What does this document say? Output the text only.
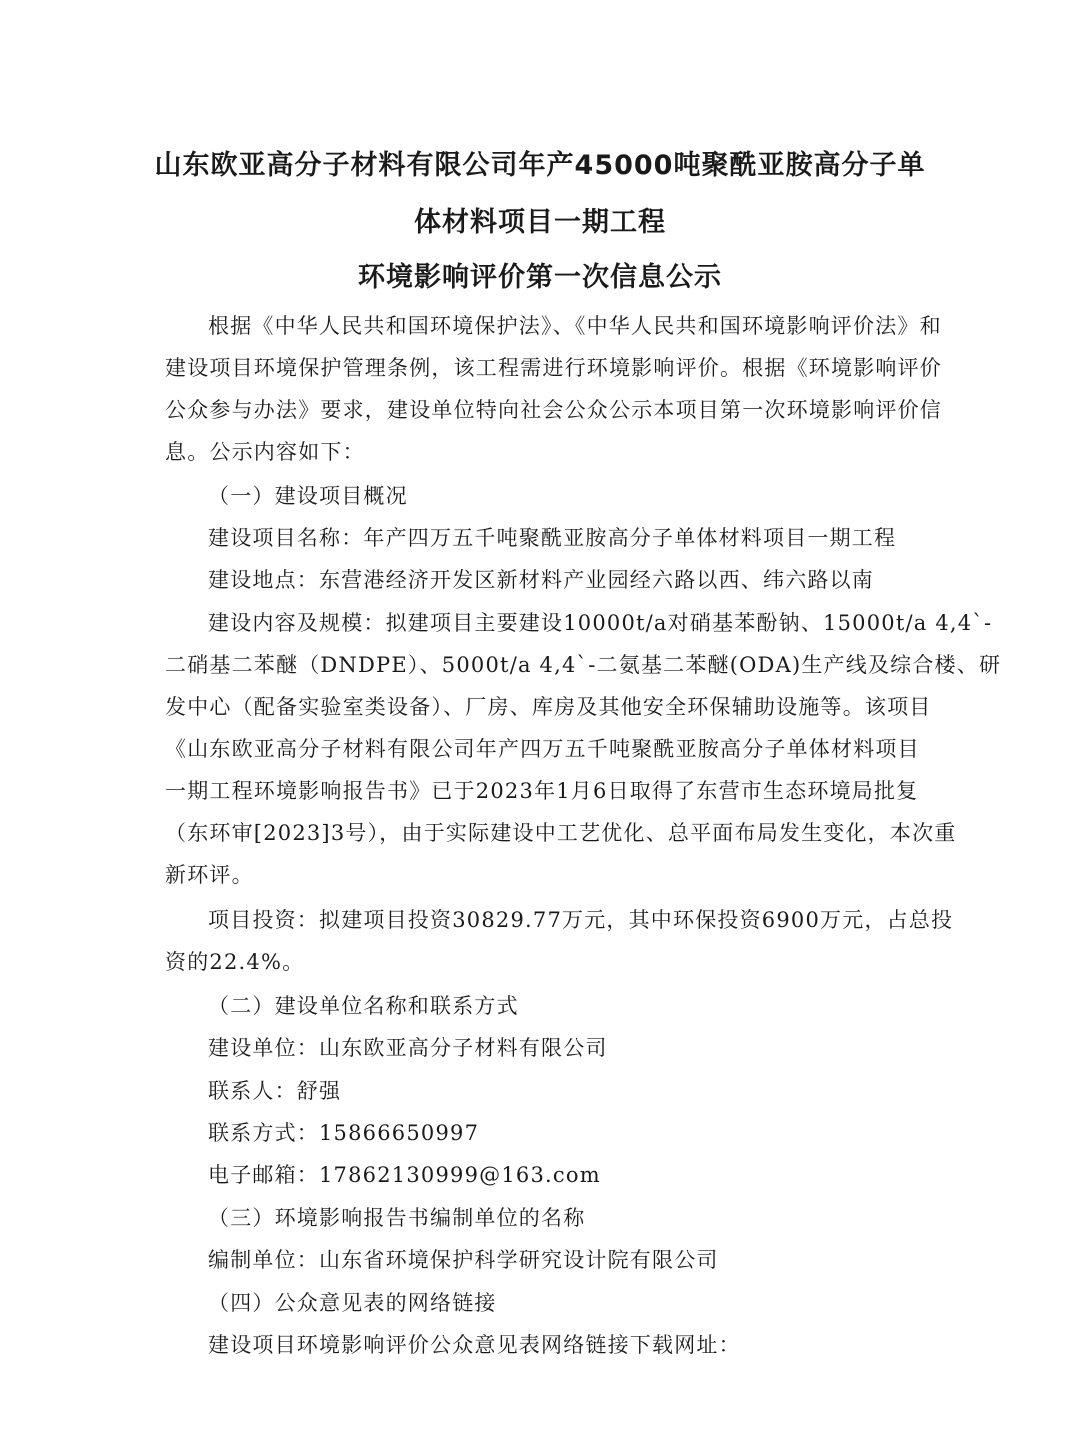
山东欧亚高分子材料有限公司年产45000吨聚酰亚胺高分子单
体材料项目一期工程
环境影响评价第一次信息公示
根据《中华人民共和国环境保护法》、《中华人民共和国环境影响评价法》和
建设项目环境保护管理条例，该工程需进行环境影响评价。根据《环境影响评价
公众参与办法》要求，建设单位特向社会公众公示本项目第一次环境影响评价信
息。公示内容如下：
（一）建设项目概况
建设项目名称：年产四万五千吨聚酰亚胺高分子单体材料项目一期工程
建设地点：东营港经济开发区新材料产业园经六路以西、纬六路以南
建设内容及规模：拟建项目主要建设10000t/a对硝基苯酚钠、15000t/a 4,4`-
二硝基二苯醚（DNDPE）、5000t/a 4,4`-二氨基二苯醚(ODA)生产线及综合楼、研
发中心（配备实验室类设备）、厂房、库房及其他安全环保辅助设施等。该项目
《山东欧亚高分子材料有限公司年产四万五千吨聚酰亚胺高分子单体材料项目
一期工程环境影响报告书》已于2023年1月6日取得了东营市生态环境局批复
（东环审[2023]3号），由于实际建设中工艺优化、总平面布局发生变化，本次重
新环评。
项目投资：拟建项目投资30829.77万元，其中环保投资6900万元，占总投
资的22.4%。
（二）建设单位名称和联系方式
建设单位：山东欧亚高分子材料有限公司
联系人：舒强
联系方式：15866650997
电子邮箱：17862130999@163.com
（三）环境影响报告书编制单位的名称
编制单位：山东省环境保护科学研究设计院有限公司
（四）公众意见表的网络链接
建设项目环境影响评价公众意见表网络链接下载网址：
